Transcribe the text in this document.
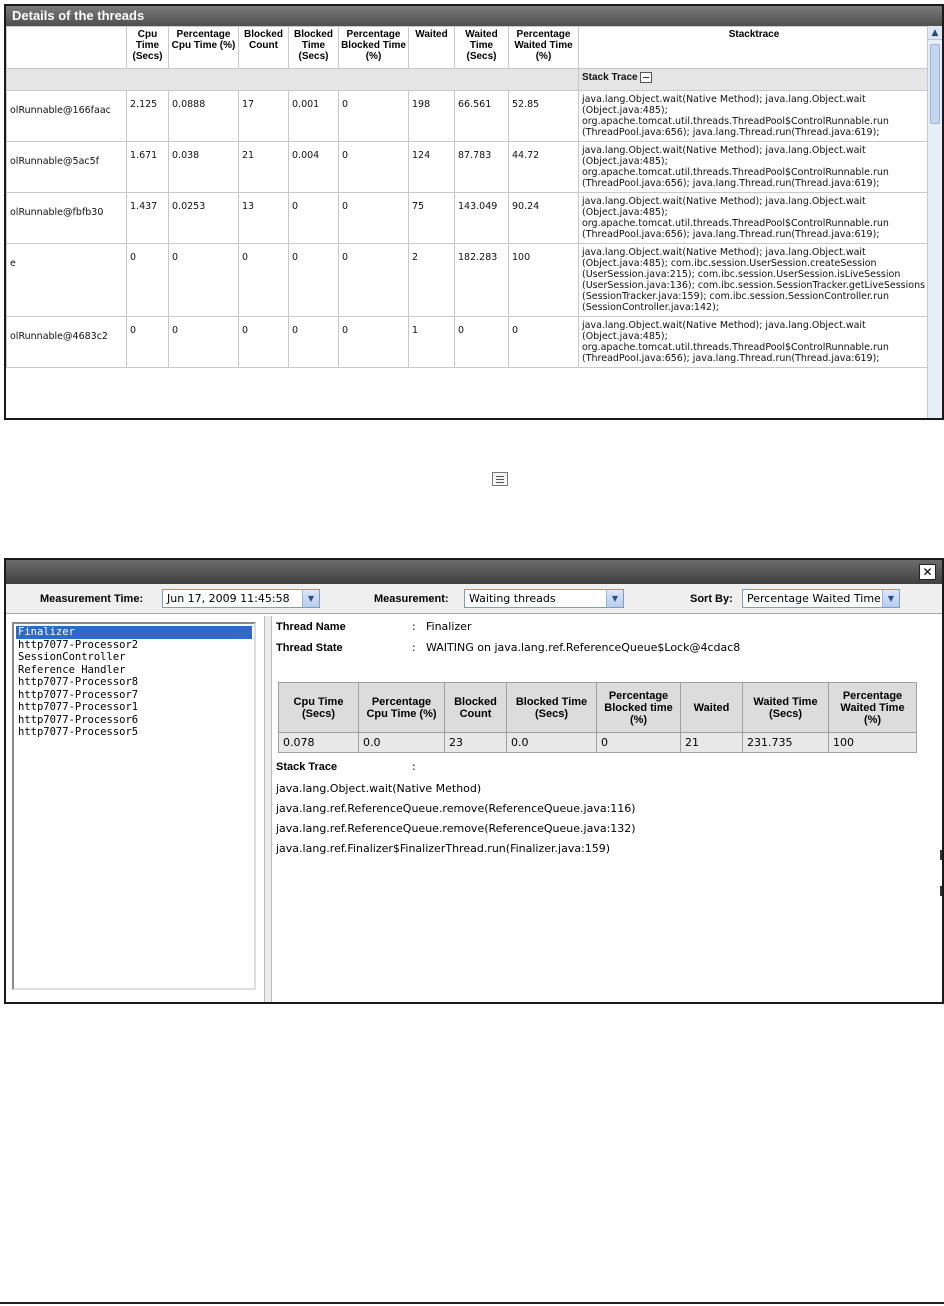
Details of the threads
	Cpu Time (Secs)	Percentage Cpu Time (%)	Blocked Count	Blocked Time (Secs)	Percentage Blocked Time (%)	Waited	Waited Time (Secs)	Percentage Waited Time (%)	Stacktrace
									Stack Trace
olRunnable@166faac	2.125	0.0888	17	0.001	0	198	66.561	52.85	java.lang.Object.wait(Native Method); java.lang.Object.wait (Object.java:485); org.apache.tomcat.util.threads.ThreadPool$ControlRunnable.run (ThreadPool.java:656); java.lang.Thread.run(Thread.java:619);
olRunnable@5ac5f	1.671	0.038	21	0.004	0	124	87.783	44.72	java.lang.Object.wait(Native Method); java.lang.Object.wait (Object.java:485); org.apache.tomcat.util.threads.ThreadPool$ControlRunnable.run (ThreadPool.java:656); java.lang.Thread.run(Thread.java:619);
olRunnable@fbfb30	1.437	0.0253	13	0	0	75	143.049	90.24	java.lang.Object.wait(Native Method); java.lang.Object.wait (Object.java:485); org.apache.tomcat.util.threads.ThreadPool$ControlRunnable.run (ThreadPool.java:656); java.lang.Thread.run(Thread.java:619);
e	0	0	0	0	0	2	182.283	100	java.lang.Object.wait(Native Method); java.lang.Object.wait (Object.java:485); com.ibc.session.UserSession.createSession (UserSession.java:215); com.ibc.session.UserSession.isLiveSession (UserSession.java:136); com.ibc.session.SessionTracker.getLiveSessions (SessionTracker.java:159); com.ibc.session.SessionController.run (SessionController.java:142);
olRunnable@4683c2	0	0	0	0	0	1	0	0	java.lang.Object.wait(Native Method); java.lang.Object.wait (Object.java:485); org.apache.tomcat.util.threads.ThreadPool$ControlRunnable.run (ThreadPool.java:656); java.lang.Thread.run(Thread.java:619);
▲
✕
Measurement Time:	Jun 17, 2009 11:45:58	▼	Measurement:	Waiting threads	▼	Sort By:	Percentage Waited Time ▼
Finalizer
http7077-Processor2
SessionController
Reference Handler
http7077-Processor8
http7077-Processor7
http7077-Processor1
http7077-Processor6
http7077-Processor5
Thread Name	: Finalizer
Thread State	: WAITING on java.lang.ref.ReferenceQueue$Lock@4cdac8
Cpu Time (Secs)	Percentage Cpu Time (%)	Blocked Count	Blocked Time (Secs)	Percentage Blocked time (%)	Waited	Waited Time (Secs)	Percentage Waited Time (%)
0.078	0.0	23	0.0	0	21	231.735	100
Stack Trace	:
java.lang.Object.wait(Native Method)
java.lang.ref.ReferenceQueue.remove(ReferenceQueue.java:116)
java.lang.ref.ReferenceQueue.remove(ReferenceQueue.java:132)
java.lang.ref.Finalizer$FinalizerThread.run(Finalizer.java:159)
